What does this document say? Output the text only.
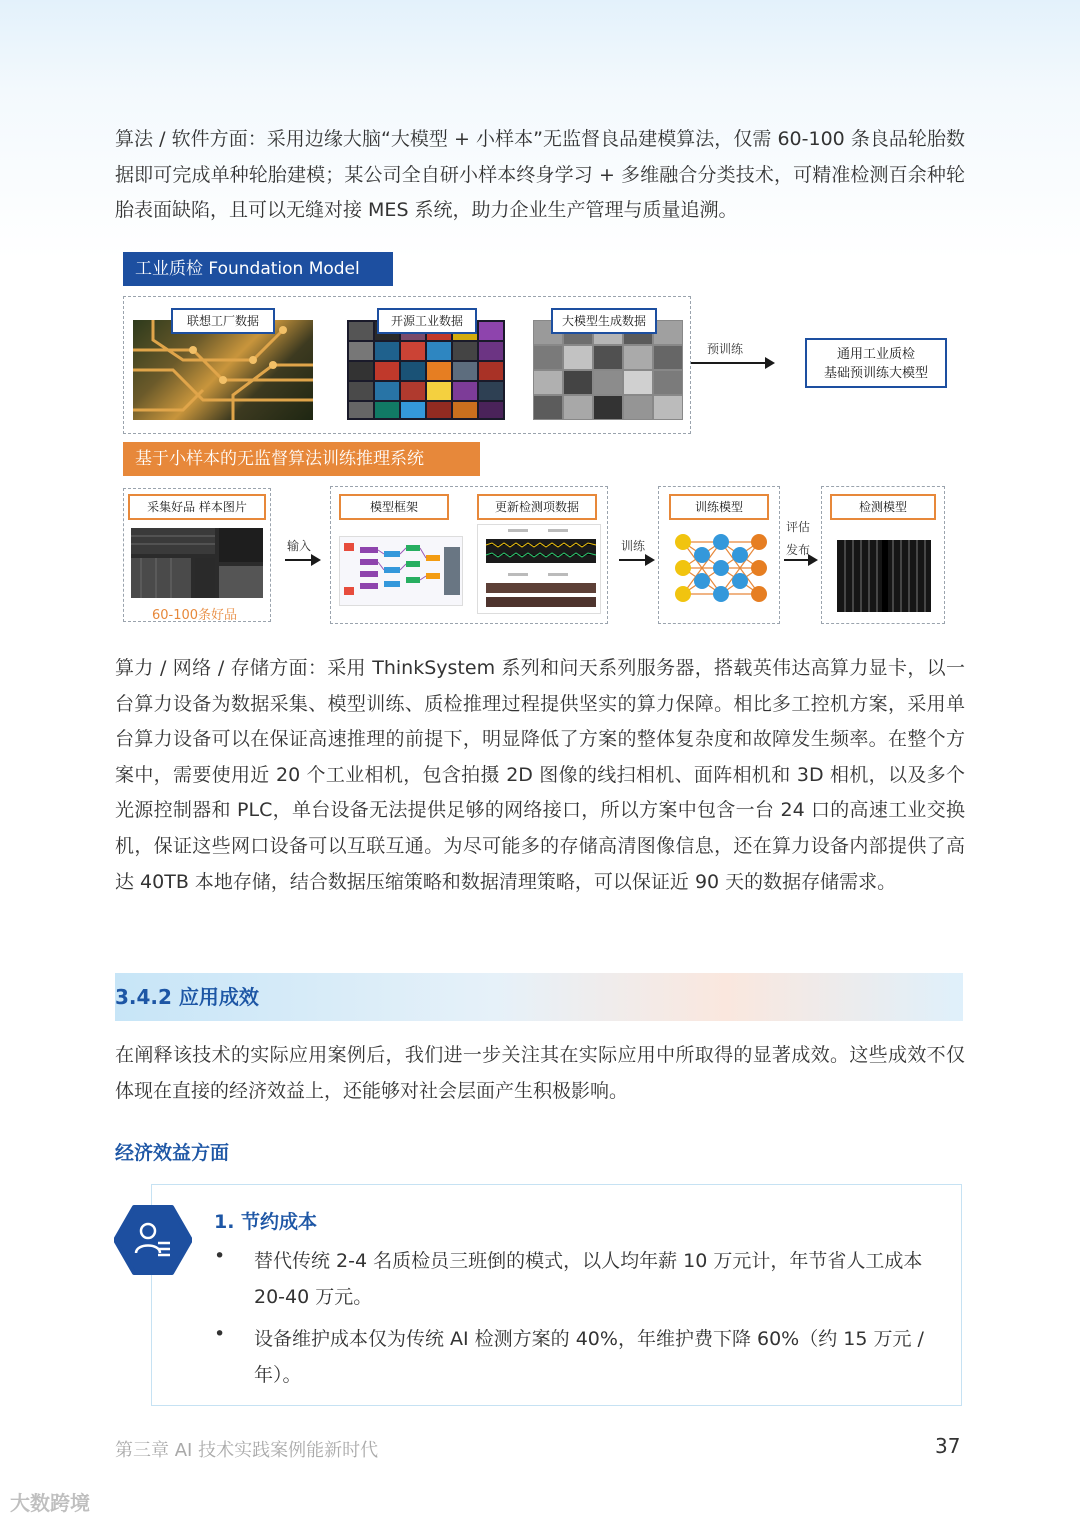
算法 / 软件方面：采用边缘大脑“大模型 + 小样本”无监督良品建模算法，仅需 60-100 条良品轮胎数据即可完成单种轮胎建模；某公司全自研小样本终身学习 + 多维融合分类技术，可精准检测百余种轮胎表面缺陷，且可以无缝对接 MES 系统，助力企业生产管理与质量追溯。

工业质检 Foundation Model
联想工厂数据	开源工业数据	大模型生成数据
预训练	通用工业质检
基础预训练大模型
基于小样本的无监督算法训练推理系统
采集好品 样本图片
60-100条好品
输入
模型框架	更新检测项数据
训练
训练模型
评估
发布
检测模型

算力 / 网络 / 存储方面：采用 ThinkSystem 系列和问天系列服务器，搭载英伟达高算力显卡，以一台算力设备为数据采集、模型训练、质检推理过程提供坚实的算力保障。相比多工控机方案，采用单台算力设备可以在保证高速推理的前提下，明显降低了方案的整体复杂度和故障发生频率。在整个方案中，需要使用近 20 个工业相机，包含拍摄 2D 图像的线扫相机、面阵相机和 3D 相机，以及多个光源控制器和 PLC，单台设备无法提供足够的网络接口，所以方案中包含一台 24 口的高速工业交换机，保证这些网口设备可以互联互通。为尽可能多的存储高清图像信息，还在算力设备内部提供了高达 40TB 本地存储，结合数据压缩策略和数据清理策略，可以保证近 90 天的数据存储需求。

3.4.2 应用成效

在阐释该技术的实际应用案例后，我们进一步关注其在实际应用中所取得的显著成效。这些成效不仅体现在直接的经济效益上，还能够对社会层面产生积极影响。

经济效益方面
1. 节约成本
• 替代传统 2-4 名质检员三班倒的模式，以人均年薪 10 万元计，年节省人工成本 20-40 万元。

• 设备维护成本仅为传统 AI 检测方案的 40%，年维护费下降 60%（约 15 万元 / 年）。

第三章 AI 技术实践案例能新时代	37
大数跨境
